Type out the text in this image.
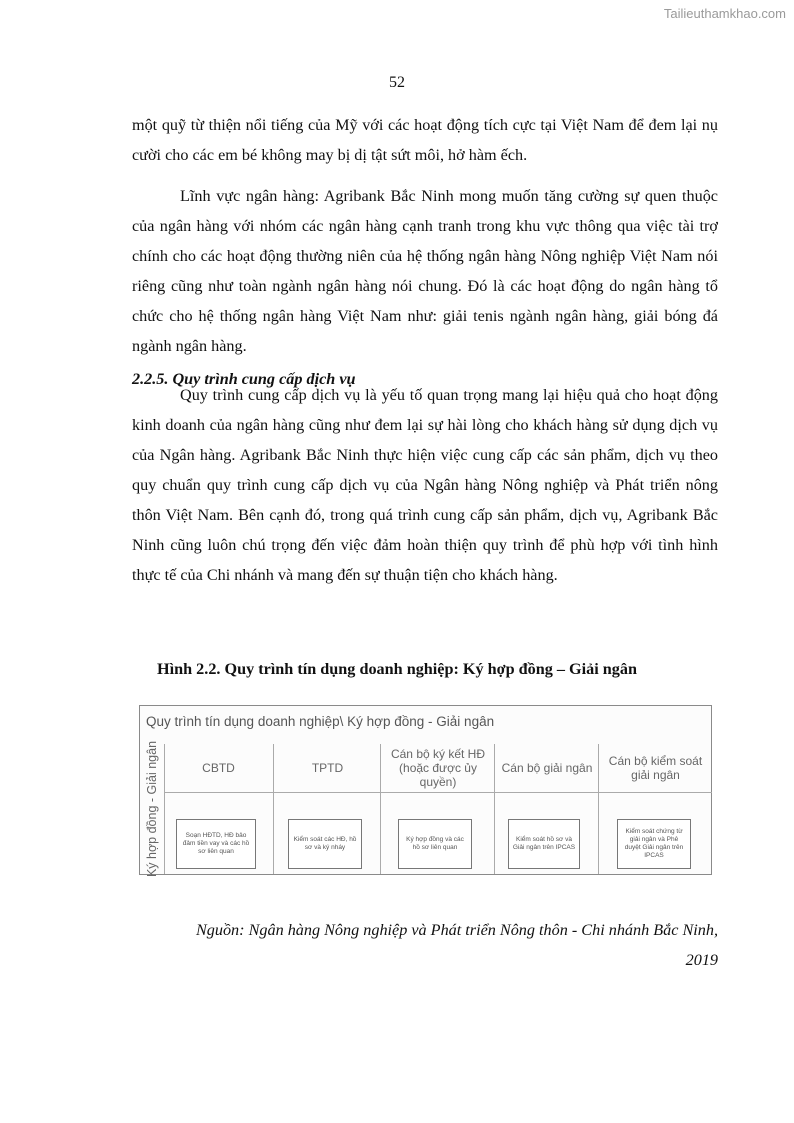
Tailieuthamkhao.com
52
một quỹ từ thiện nổi tiếng của Mỹ với các hoạt động tích cực tại Việt Nam để đem lại nụ cười cho các em bé không may bị dị tật sứt môi, hở hàm ếch.
Lĩnh vực ngân hàng: Agribank Bắc Ninh mong muốn tăng cường sự quen thuộc của ngân hàng với nhóm các ngân hàng cạnh tranh trong khu vực thông qua việc tài trợ chính cho các hoạt động thường niên của hệ thống ngân hàng Nông nghiệp Việt Nam nói riêng cũng như toàn ngành ngân hàng nói chung. Đó là các hoạt động do ngân hàng tổ chức cho hệ thống ngân hàng Việt Nam như: giải tenis ngành ngân hàng, giải bóng đá ngành ngân hàng.
2.2.5. Quy trình cung cấp dịch vụ
Quy trình cung cấp dịch vụ là yếu tố quan trọng mang lại hiệu quả cho hoạt động kinh doanh của ngân hàng cũng như đem lại sự hài lòng cho khách hàng sử dụng dịch vụ của Ngân hàng. Agribank Bắc Ninh thực hiện việc cung cấp các sản phẩm, dịch vụ theo quy chuẩn quy trình cung cấp dịch vụ của Ngân hàng Nông nghiệp và Phát triển nông thôn Việt Nam. Bên cạnh đó, trong quá trình cung cấp sản phẩm, dịch vụ, Agribank Bắc Ninh cũng luôn chú trọng đến việc đảm hoàn thiện quy trình để phù hợp với tình hình thực tế của Chi nhánh và mang đến sự thuận tiện cho khách hàng.
Hình 2.2. Quy trình tín dụng doanh nghiệp: Ký hợp đồng – Giải ngân
Quy trình tín dụng doanh nghiệp\ Ký hợp đồng - Giải ngân
Ký hợp đồng - Giải ngân	CBTD
Soạn HĐTD, HĐ bảo đảm tiền vay và các hồ sơ liên quan
TPTD
Kiểm soát các HĐ, hồ sơ và ký nháy
Cán bộ ký kết HĐ (hoặc được ủy quyền)
Ký hợp đồng và các hồ sơ liên quan
Cán bộ giải ngân
Kiểm soát hồ sơ và Giải ngân trên IPCAS
Cán bộ kiểm soát giải ngân
Kiểm soát chứng từ giải ngân và Phê duyệt Giải ngân trên IPCAS
Nguồn: Ngân hàng Nông nghiệp và Phát triển Nông thôn - Chi nhánh Bắc Ninh,
2019
